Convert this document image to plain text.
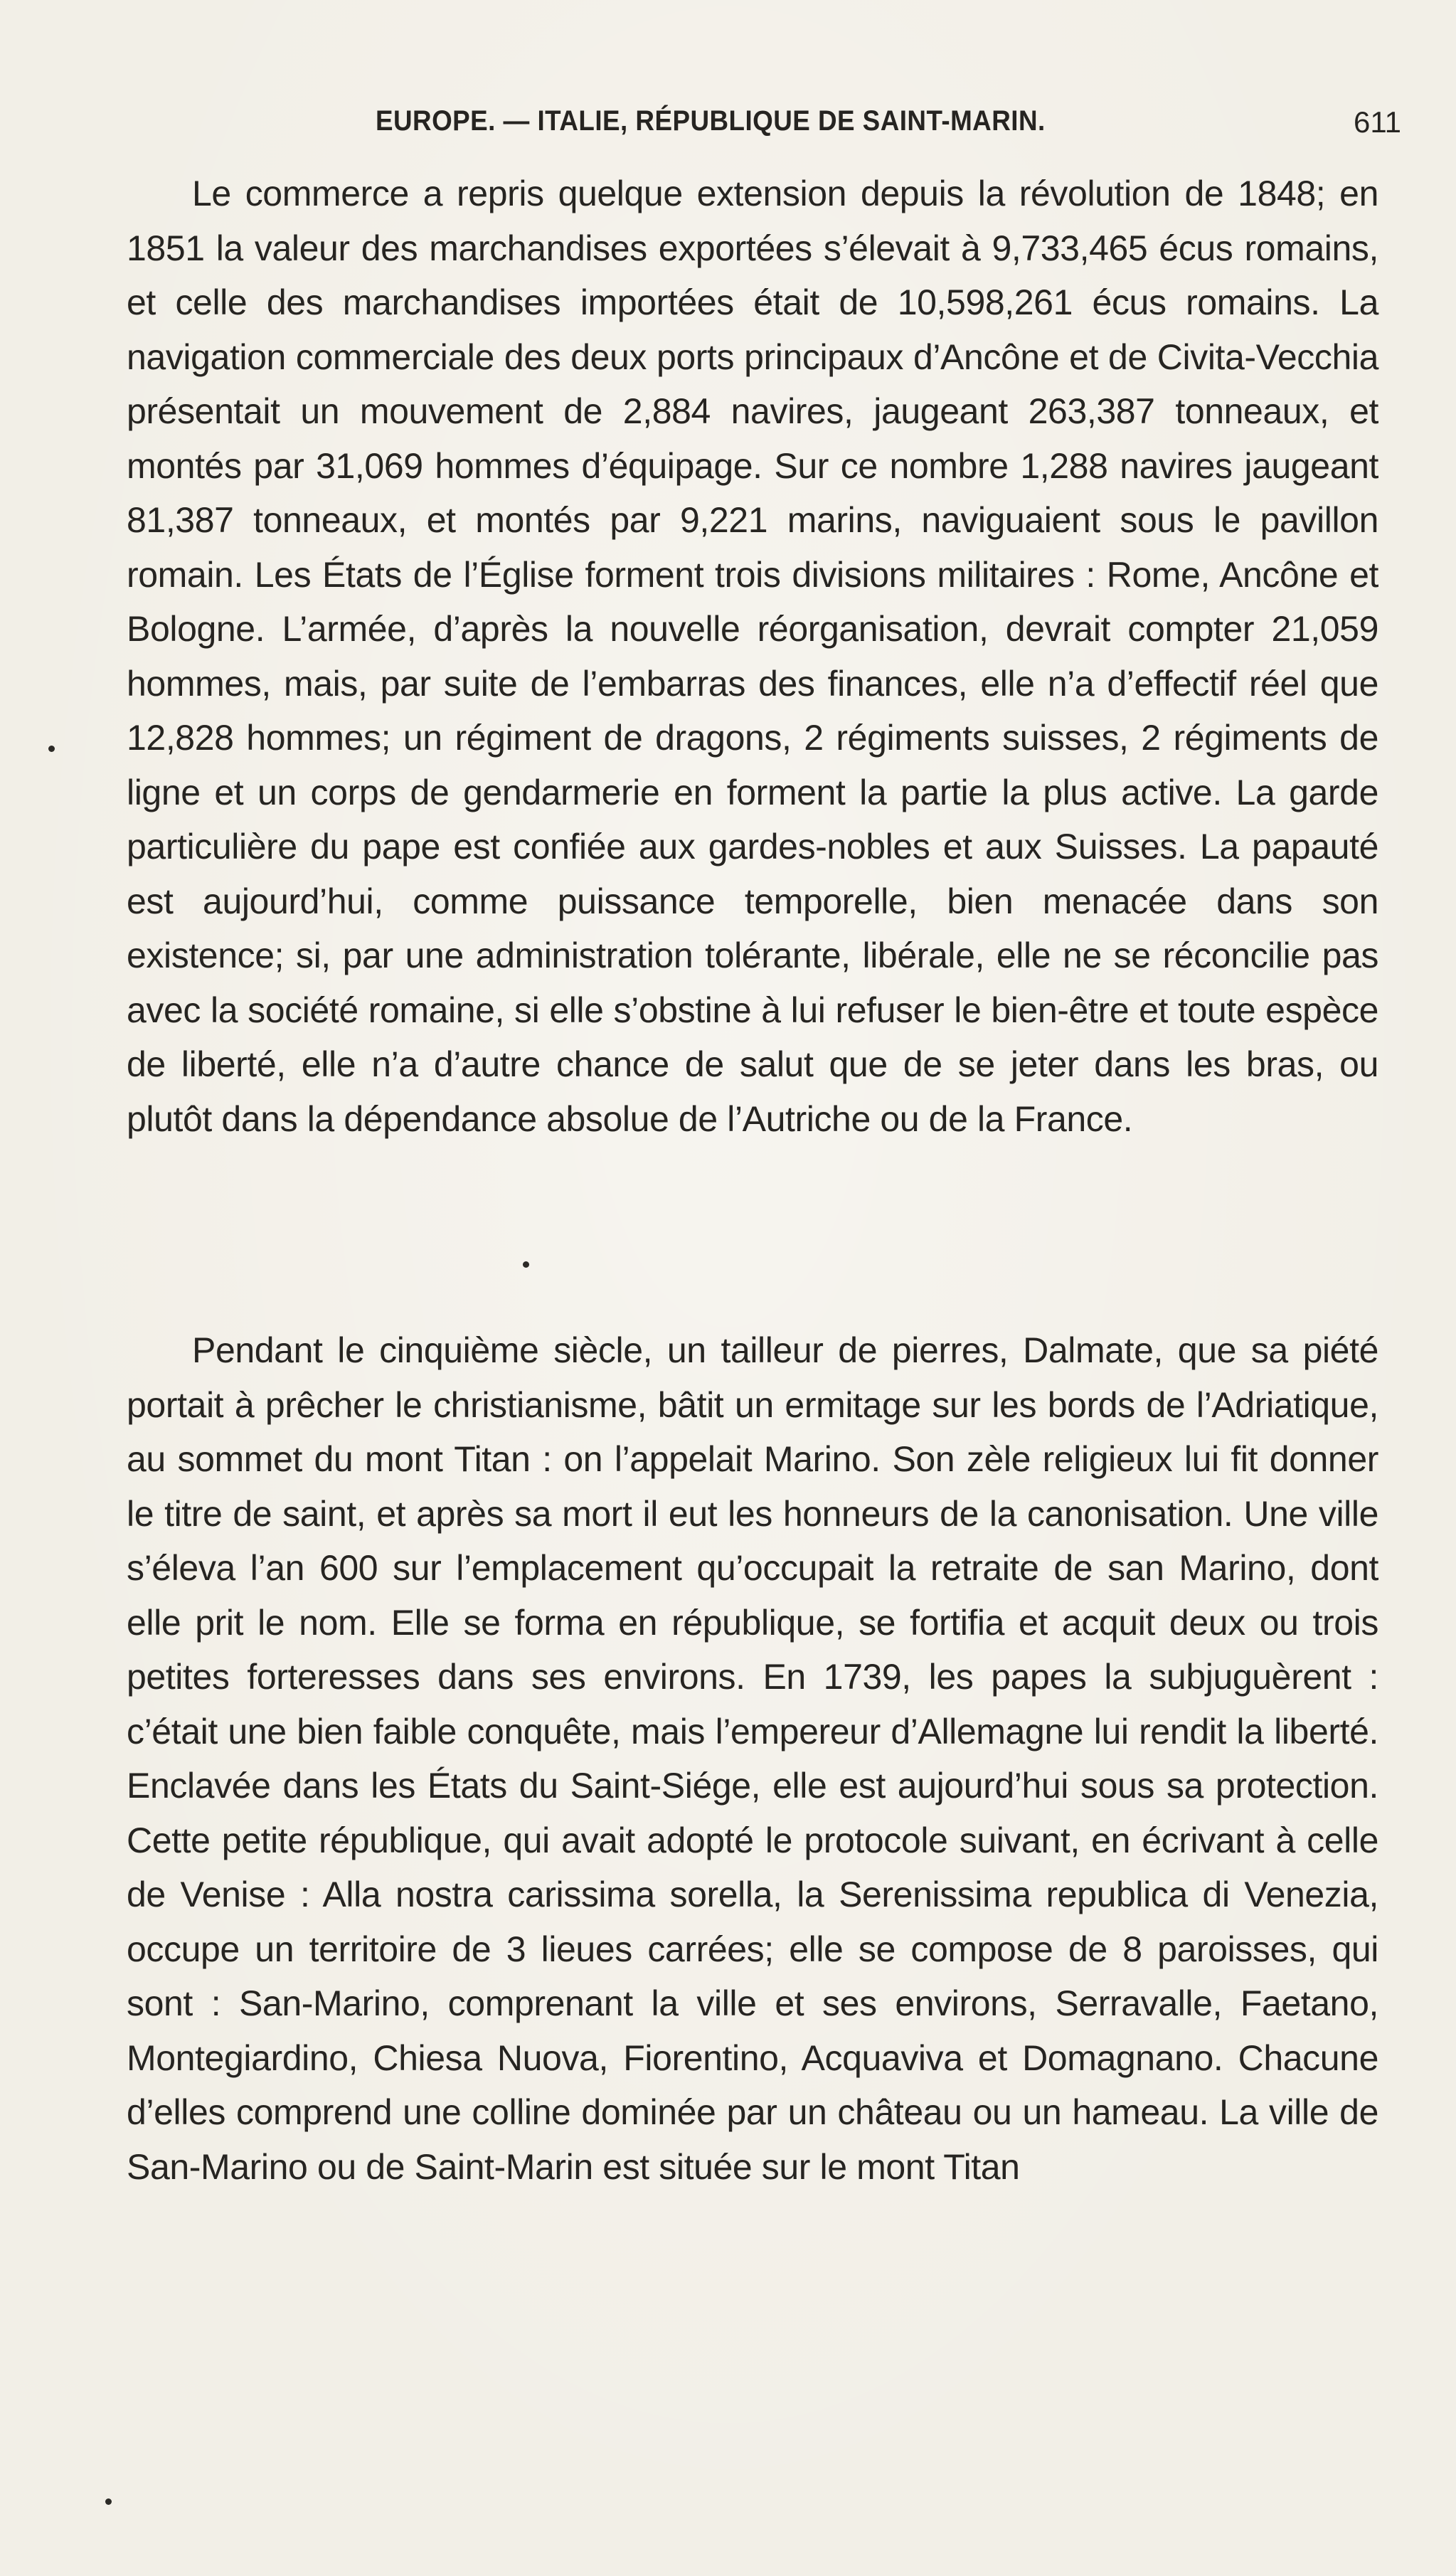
EUROPE. — ITALIE, RÉPUBLIQUE DE SAINT-MARIN.	611

Le commerce a repris quelque extension depuis la révolution de 1848; en 1851 la valeur des marchandises exportées s’élevait à 9,733,465 écus romains, et celle des marchandises importées était de 10,598,261 écus romains. La navigation commerciale des deux ports principaux d’Ancône et de Civita-Vecchia présentait un mouvement de 2,884 navires, jaugeant 263,387 tonneaux, et montés par 31,069 hommes d’équipage. Sur ce nombre 1,288 navires jaugeant 81,387 tonneaux, et montés par 9,221 marins, naviguaient sous le pavillon romain. Les États de l’Église forment trois divisions militaires : Rome, Ancône et Bologne. L’armée, d’après la nouvelle réorganisation, devrait compter 21,059 hommes, mais, par suite de l’embarras des finances, elle n’a d’effectif réel que 12,828 hommes; un régiment de dragons, 2 régiments suisses, 2 régiments de ligne et un corps de gendarmerie en forment la partie la plus active. La garde particulière du pape est confiée aux gardes-nobles et aux Suisses. La papauté est aujourd’hui, comme puissance temporelle, bien menacée dans son existence; si, par une administration tolérante, libérale, elle ne se réconcilie pas avec la société romaine, si elle s’obstine à lui refuser le bien-être et toute espèce de liberté, elle n’a d’autre chance de salut que de se jeter dans les bras, ou plutôt dans la dépendance absolue de l’Autriche ou de la France.

Pendant le cinquième siècle, un tailleur de pierres, Dalmate, que sa piété portait à prêcher le christianisme, bâtit un ermitage sur les bords de l’Adriatique, au sommet du mont Titan : on l’appelait Marino. Son zèle religieux lui fit donner le titre de saint, et après sa mort il eut les honneurs de la canonisation. Une ville s’éleva l’an 600 sur l’emplacement qu’occupait la retraite de san Marino, dont elle prit le nom. Elle se forma en république, se fortifia et acquit deux ou trois petites forteresses dans ses environs. En 1739, les papes la subjuguèrent : c’était une bien faible conquête, mais l’empereur d’Allemagne lui rendit la liberté. Enclavée dans les États du Saint-Siége, elle est aujourd’hui sous sa protection. Cette petite république, qui avait adopté le protocole suivant, en écrivant à celle de Venise : Alla nostra carissima sorella, la Serenissima republica di Venezia, occupe un territoire de 3 lieues carrées; elle se compose de 8 paroisses, qui sont : San-Marino, comprenant la ville et ses environs, Serravalle, Faetano, Montegiardino, Chiesa Nuova, Fiorentino, Acquaviva et Domagnano. Chacune d’elles comprend une colline dominée par un château ou un hameau. La ville de San-Marino ou de Saint-Marin est située sur le mont Titan
